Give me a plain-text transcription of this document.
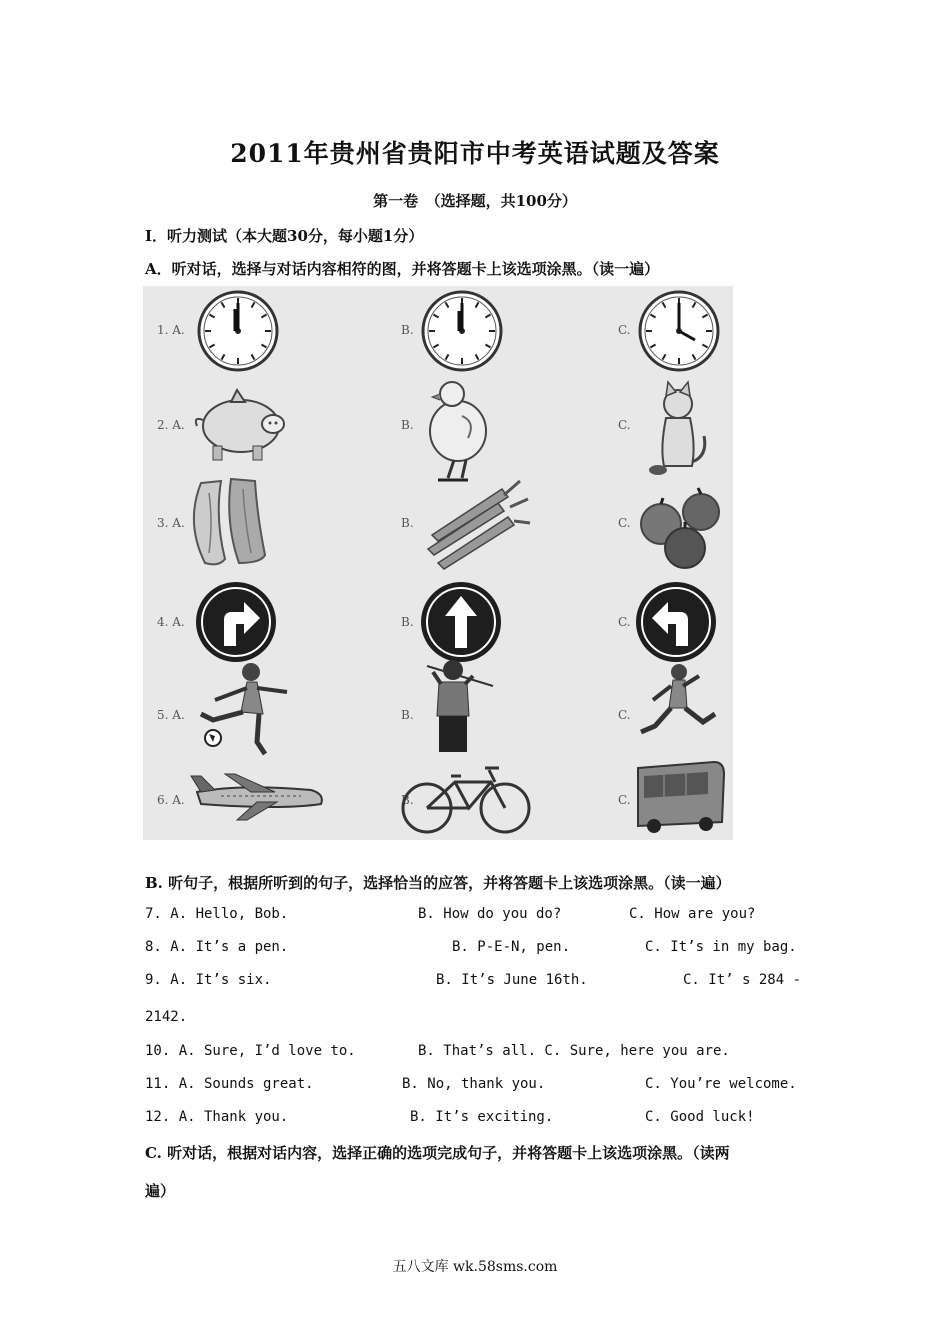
2011年贵州省贵阳市中考英语试题及答案
第一卷　（选择题，共100分）
I．听力测试（本大题30分，每小题1分）
A．听对话，选择与对话内容相符的图，并将答题卡上该选项涂黑。（读一遍）
1. A.	B.	C.
2. A.	B.	C.
3. A.	B.	C.
4. A.	B.	C.
5. A.	B.	C.
6. A.	B.	C.
B. 听句子，根据所听到的句子，选择恰当的应答，并将答题卡上该选项涂黑。（读一遍）
7. A. Hello, Bob.	B. How do you do?	C. How are you?
8. A. It’s a pen.	B. P-E-N, pen.	C. It’s in my bag.
9. A. It’s six.	B. It’s June 16th.	C. It’ s 284 -
2142.
10. A. Sure, I’d love to.	B. That’s all. C. Sure, here you are.
11. A. Sounds great.	B. No, thank you.	C. You’re welcome.
12. A. Thank you.	B. It’s exciting.	C. Good luck!
C. 听对话，根据对话内容，选择正确的选项完成句子，并将答题卡上该选项涂黑。（读两
遍）
五八文库 wk.58sms.com
